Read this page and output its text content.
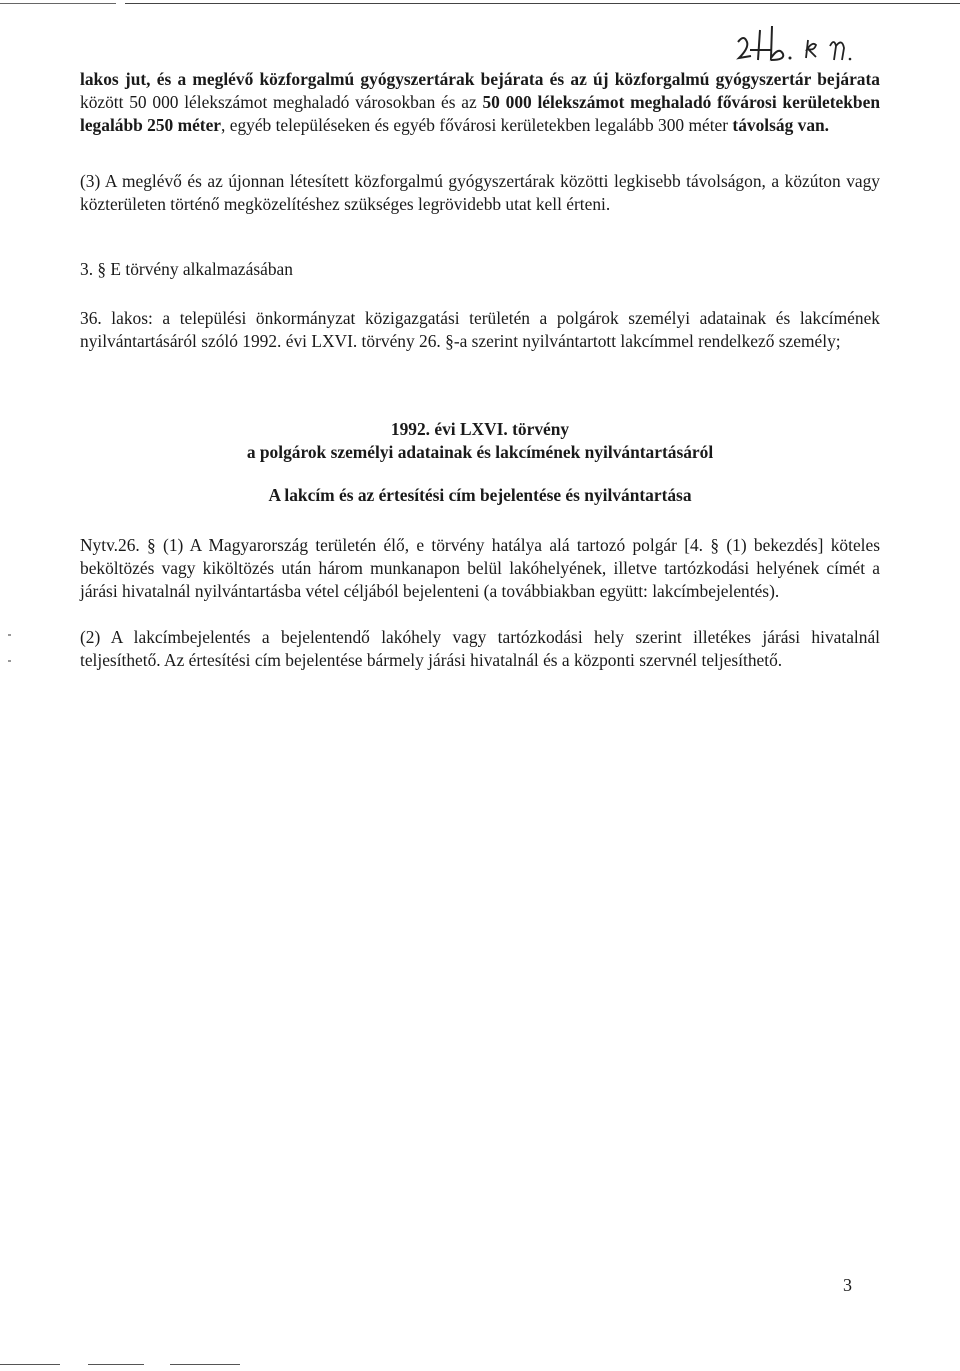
lakos jut, és a meglévő közforgalmú gyógyszertárak bejárata és az új közforgalmú gyógyszertár bejárata között 50 000 lélekszámot meghaladó városokban és az 50 000 lélekszámot meghaladó fővárosi kerületekben legalább 250 méter, egyéb településeken és egyéb fővárosi kerületekben legalább 300 méter távolság van.

(3) A meglévő és az újonnan létesített közforgalmú gyógyszertárak közötti legkisebb távolságon, a közúton vagy közterületen történő megközelítéshez szükséges legrövidebb utat kell érteni.

3. § E törvény alkalmazásában

36. lakos: a települési önkormányzat közigazgatási területén a polgárok személyi adatainak és lakcímének nyilvántartásáról szóló 1992. évi LXVI. törvény 26. §-a szerint nyilvántartott lakcímmel rendelkező személy;

1992. évi LXVI. törvény

a polgárok személyi adatainak és lakcímének nyilvántartásáról

A lakcím és az értesítési cím bejelentése és nyilvántartása

Nytv.26. § (1) A Magyarország területén élő, e törvény hatálya alá tartozó polgár [4. § (1) bekezdés] köteles beköltözés vagy kiköltözés után három munkanapon belül lakóhelyének, illetve tartózkodási helyének címét a járási hivatalnál nyilvántartásba vétel céljából bejelenteni (a továbbiakban együtt: lakcímbejelentés).

(2) A lakcímbejelentés a bejelentendő lakóhely vagy tartózkodási hely szerint illetékes járási hivatalnál teljesíthető. Az értesítési cím bejelentése bármely járási hivatalnál és a központi szervnél teljesíthető.

3
